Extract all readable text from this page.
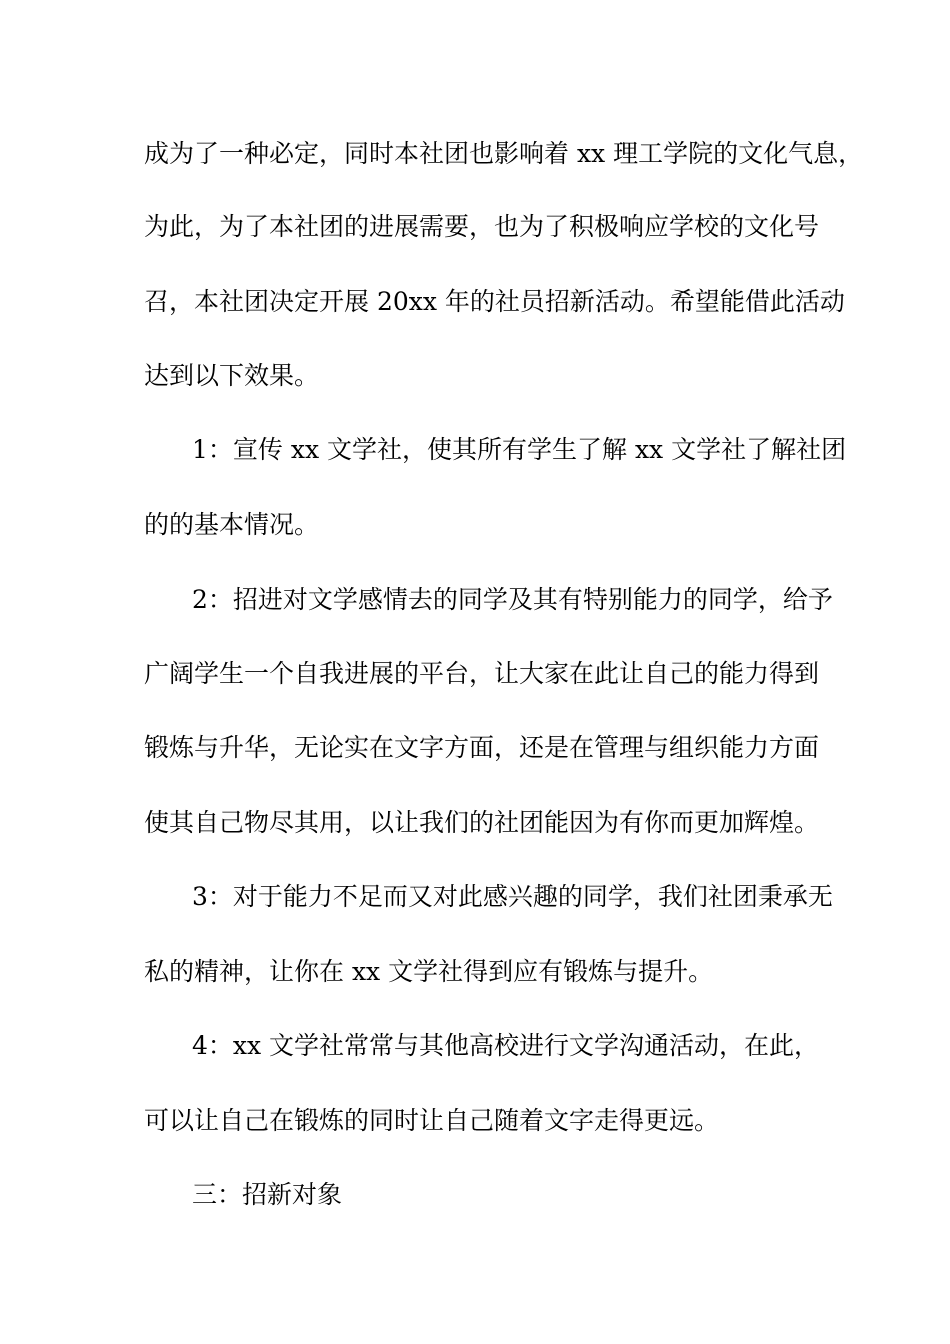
成为了一种必定，同时本社团也影响着 xx 理工学院的文化气息，

为此，为了本社团的进展需要，也为了积极响应学校的文化号

召，本社团决定开展 20xx 年的社员招新活动。希望能借此活动

达到以下效果。

1：宣传 xx 文学社，使其所有学生了解 xx 文学社了解社团

的的基本情况。

2：招进对文学感情去的同学及其有特别能力的同学，给予

广阔学生一个自我进展的平台，让大家在此让自己的能力得到

锻炼与升华，无论实在文字方面，还是在管理与组织能力方面

使其自己物尽其用，以让我们的社团能因为有你而更加辉煌。

3：对于能力不足而又对此感兴趣的同学，我们社团秉承无

私的精神，让你在 xx 文学社得到应有锻炼与提升。

4：xx 文学社常常与其他高校进行文学沟通活动，在此，

可以让自己在锻炼的同时让自己随着文字走得更远。

三：招新对象
